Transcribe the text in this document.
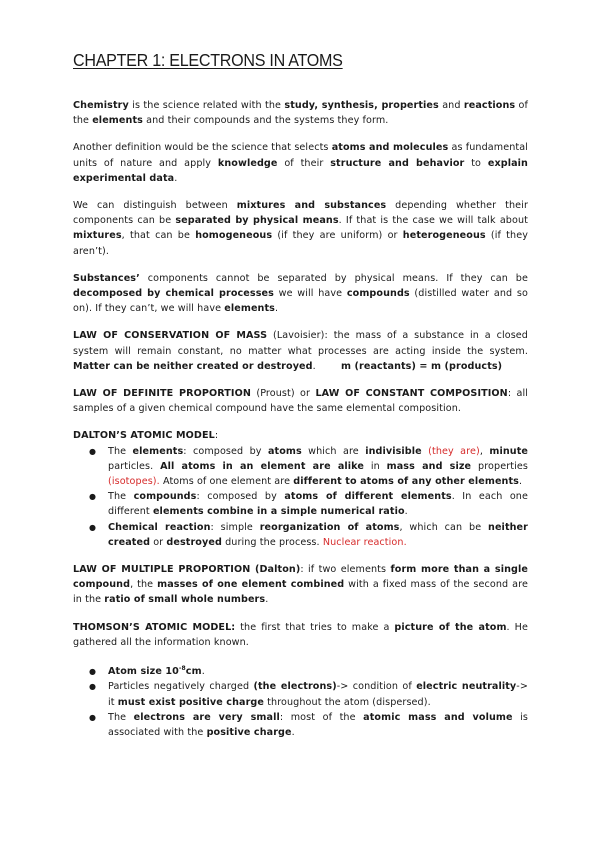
CHAPTER 1: ELECTRONS IN ATOMS

Chemistry is the science related with the study, synthesis, properties and reactions of the elements and their compounds and the systems they form.

Another definition would be the science that selects atoms and molecules as fundamental units of nature and apply knowledge of their structure and behavior to explain experimental data.

We can distinguish between mixtures and substances depending whether their components can be separated by physical means. If that is the case we will talk about mixtures, that can be homogeneous (if they are uniform) or heterogeneous (if they aren’t).

Substances’ components cannot be separated by physical means. If they can be decomposed by chemical processes we will have compounds (distilled water and so on). If they can’t, we will have elements.

LAW OF CONSERVATION OF MASS (Lavoisier): the mass of a substance in a closed system will remain constant, no matter what processes are acting inside the system. Matter can be neither created or destroyed.        m (reactants) = m (products)

LAW OF DEFINITE PROPORTION (Proust) or LAW OF CONSTANT COMPOSITION: all samples of a given chemical compound have the same elemental composition.

DALTON’S ATOMIC MODEL:

● The elements: composed by atoms which are indivisible (they are), minute particles. All atoms in an element are alike in mass and size properties (isotopes). Atoms of one element are different to atoms of any other elements.
● The compounds: composed by atoms of different elements. In each one different elements combine in a simple numerical ratio.
● Chemical reaction: simple reorganization of atoms, which can be neither created or destroyed during the process. Nuclear reaction.

LAW OF MULTIPLE PROPORTION (Dalton): if two elements form more than a single compound, the masses of one element combined with a fixed mass of the second are in the ratio of small whole numbers.

THOMSON’S ATOMIC MODEL: the first that tries to make a picture of the atom. He gathered all the information known.

● Atom size $10^{-8}cm$.
● Particles negatively charged (the electrons)-> condition of electric neutrality-> it must exist positive charge throughout the atom (dispersed).
● The electrons are very small: most of the atomic mass and volume is associated with the positive charge.
